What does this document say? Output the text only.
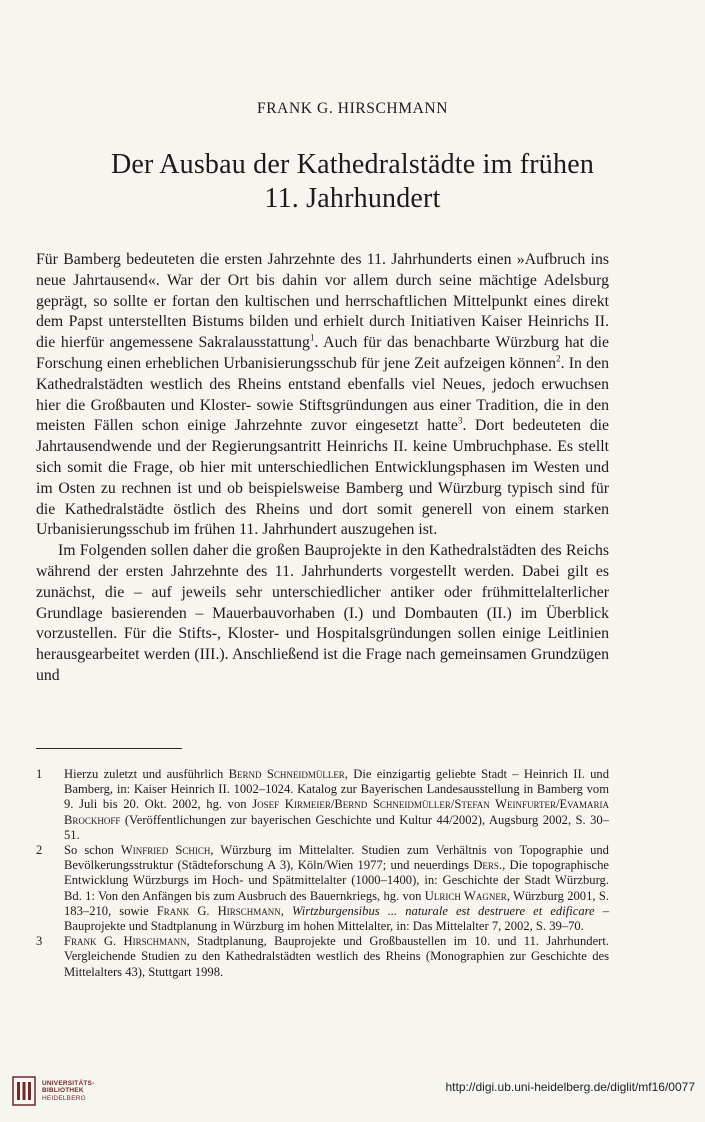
FRANK G. HIRSCHMANN
Der Ausbau der Kathedralstädte im frühen
11. Jahrhundert

Für Bamberg bedeuteten die ersten Jahrzehnte des 11. Jahrhunderts einen »Aufbruch ins neue Jahrtausend«. War der Ort bis dahin vor allem durch seine mächtige Adelsburg geprägt, so sollte er fortan den kultischen und herrschaftlichen Mittelpunkt eines direkt dem Papst unterstellten Bistums bilden und erhielt durch Initiativen Kaiser Heinrichs II. die hierfür angemessene Sakralausstattung$^1$. Auch für das benachbarte Würzburg hat die Forschung einen erheblichen Urbanisierungsschub für jene Zeit aufzeigen können$^2$. In den Kathedralstädten westlich des Rheins entstand ebenfalls viel Neues, jedoch erwuchsen hier die Großbauten und Kloster- sowie Stiftsgründungen aus einer Tradition, die in den meisten Fällen schon einige Jahrzehnte zuvor eingesetzt hatte$^3$. Dort bedeuteten die Jahrtausendwende und der Regierungsantritt Heinrichs II. keine Umbruchphase. Es stellt sich somit die Frage, ob hier mit unterschiedlichen Entwicklungsphasen im Westen und im Osten zu rechnen ist und ob beispielsweise Bamberg und Würzburg typisch sind für die Kathedralstädte östlich des Rheins und dort somit generell von einem starken Urbanisierungsschub im frühen 11. Jahrhundert auszugehen ist.

Im Folgenden sollen daher die großen Bauprojekte in den Kathedralstädten des Reichs während der ersten Jahrzehnte des 11. Jahrhunderts vorgestellt werden. Dabei gilt es zunächst, die – auf jeweils sehr unterschiedlicher antiker oder frühmittelalterlicher Grundlage basierenden – Mauerbauvorhaben (I.) und Dombauten (II.) im Überblick vorzustellen. Für die Stifts-, Kloster- und Hospitalsgründungen sollen einige Leitlinien herausgearbeitet werden (III.). Anschließend ist die Frage nach gemeinsamen Grundzügen und

1	Hierzu zuletzt und ausführlich Bernd Schneidmüller, Die einzigartig geliebte Stadt – Heinrich II. und Bamberg, in: Kaiser Heinrich II. 1002–1024. Katalog zur Bayerischen Landesausstellung in Bamberg vom 9. Juli bis 20. Okt. 2002, hg. von Josef Kirmeier/Bernd Schneidmüller/Stefan Weinfurter/Evamaria Brockhoff (Veröffentlichungen zur bayerischen Geschichte und Kultur 44/2002), Augsburg 2002, S. 30–51.
2	So schon Winfried Schich, Würzburg im Mittelalter. Studien zum Verhältnis von Topographie und Bevölkerungsstruktur (Städteforschung A 3), Köln/Wien 1977; und neuerdings Ders., Die topographische Entwicklung Würzburgs im Hoch- und Spätmittelalter (1000–1400), in: Geschichte der Stadt Würzburg. Bd. 1: Von den Anfängen bis zum Ausbruch des Bauernkriegs, hg. von Ulrich Wagner, Würzburg 2001, S. 183–210, sowie Frank G. Hirschmann, Wirtzburgensibus ... naturale est destruere et edificare – Bauprojekte und Stadtplanung in Würzburg im hohen Mittelalter, in: Das Mittelalter 7, 2002, S. 39–70.
3	Frank G. Hirschmann, Stadtplanung, Bauprojekte und Großbaustellen im 10. und 11. Jahrhundert. Vergleichende Studien zu den Kathedralstädten westlich des Rheins (Monographien zur Geschichte des Mittelalters 43), Stuttgart 1998.
UNIVERSITÄTS-
BIBLIOTHEK
HEIDELBERG
http://digi.ub.uni-heidelberg.de/diglit/mf16/0077
